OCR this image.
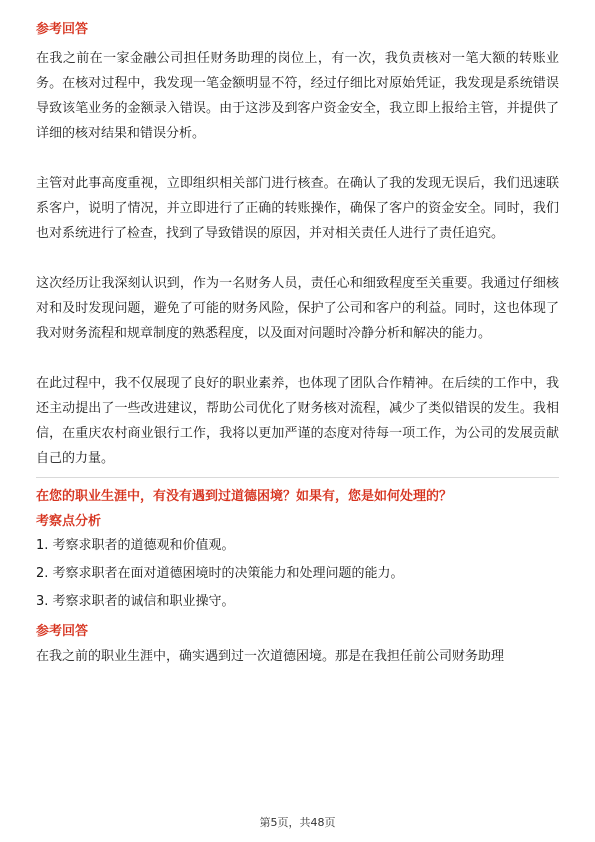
参考回答

在我之前在一家金融公司担任财务助理的岗位上，有一次，我负责核对一笔大额的转账业务。在核对过程中，我发现一笔金额明显不符，经过仔细比对原始凭证，我发现是系统错误导致该笔业务的金额录入错误。由于这涉及到客户资金安全，我立即上报给主管，并提供了详细的核对结果和错误分析。

主管对此事高度重视，立即组织相关部门进行核查。在确认了我的发现无误后，我们迅速联系客户，说明了情况，并立即进行了正确的转账操作，确保了客户的资金安全。同时，我们也对系统进行了检查，找到了导致错误的原因，并对相关责任人进行了责任追究。

这次经历让我深刻认识到，作为一名财务人员，责任心和细致程度至关重要。我通过仔细核对和及时发现问题，避免了可能的财务风险，保护了公司和客户的利益。同时，这也体现了我对财务流程和规章制度的熟悉程度，以及面对问题时冷静分析和解决的能力。

在此过程中，我不仅展现了良好的职业素养，也体现了团队合作精神。在后续的工作中，我还主动提出了一些改进建议，帮助公司优化了财务核对流程，减少了类似错误的发生。我相信，在重庆农村商业银行工作，我将以更加严谨的态度对待每一项工作，为公司的发展贡献自己的力量。

在您的职业生涯中，有没有遇到过道德困境？如果有，您是如何处理的？
考察点分析

1. 考察求职者的道德观和价值观。

2. 考察求职者在面对道德困境时的决策能力和处理问题的能力。

3. 考察求职者的诚信和职业操守。

参考回答

在我之前的职业生涯中，确实遇到过一次道德困境。那是在我担任前公司财务助理

第5页，共48页
